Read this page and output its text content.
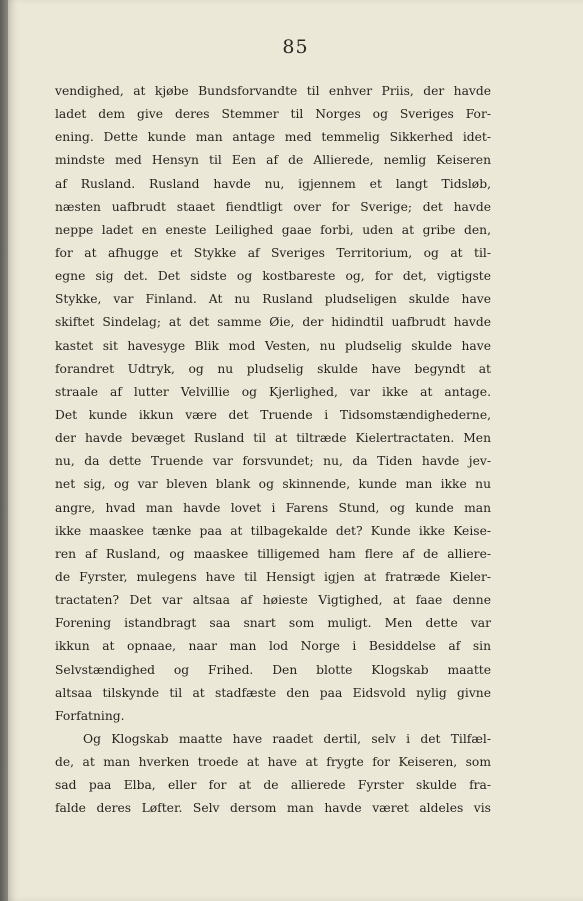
85
vendighed, at kjøbe Bundsforvandte til enhver Priis, der havde
ladet dem give deres Stemmer til Norges og Sveriges For-
ening. Dette kunde man antage med temmelig Sikkerhed idet-
mindste med Hensyn til Een af de Allierede, nemlig Keiseren
af Rusland. Rusland havde nu, igjennem et langt Tidsløb,
næsten uafbrudt staaet fiendtligt over for Sverige; det havde
neppe ladet en eneste Leilighed gaae forbi, uden at gribe den,
for at afhugge et Stykke af Sveriges Territorium, og at til-
egne sig det. Det sidste og kostbareste og, for det, vigtigste
Stykke, var Finland. At nu Rusland pludseligen skulde have
skiftet Sindelag; at det samme Øie, der hidindtil uafbrudt havde
kastet sit havesyge Blik mod Vesten, nu pludselig skulde have
forandret Udtryk, og nu pludselig skulde have begyndt at
straale af lutter Velvillie og Kjerlighed, var ikke at antage.
Det kunde ikkun være det Truende i Tidsomstændighederne,
der havde bevæget Rusland til at tiltræde Kielertractaten. Men
nu, da dette Truende var forsvundet; nu, da Tiden havde jev-
net sig, og var bleven blank og skinnende, kunde man ikke nu
angre, hvad man havde lovet i Farens Stund, og kunde man
ikke maaskee tænke paa at tilbagekalde det? Kunde ikke Keise-
ren af Rusland, og maaskee tilligemed ham flere af de alliere-
de Fyrster, mulegens have til Hensigt igjen at fratræde Kieler-
tractaten? Det var altsaa af høieste Vigtighed, at faae denne
Forening istandbragt saa snart som muligt. Men dette var
ikkun at opnaae, naar man lod Norge i Besiddelse af sin
Selvstændighed og Frihed. Den blotte Klogskab maatte
altsaa tilskynde til at stadfæste den paa Eidsvold nylig givne
Forfatning.
Og Klogskab maatte have raadet dertil, selv i det Tilfæl-
de, at man hverken troede at have at frygte for Keiseren, som
sad paa Elba, eller for at de allierede Fyrster skulde fra-
falde deres Løfter. Selv dersom man havde været aldeles vis
